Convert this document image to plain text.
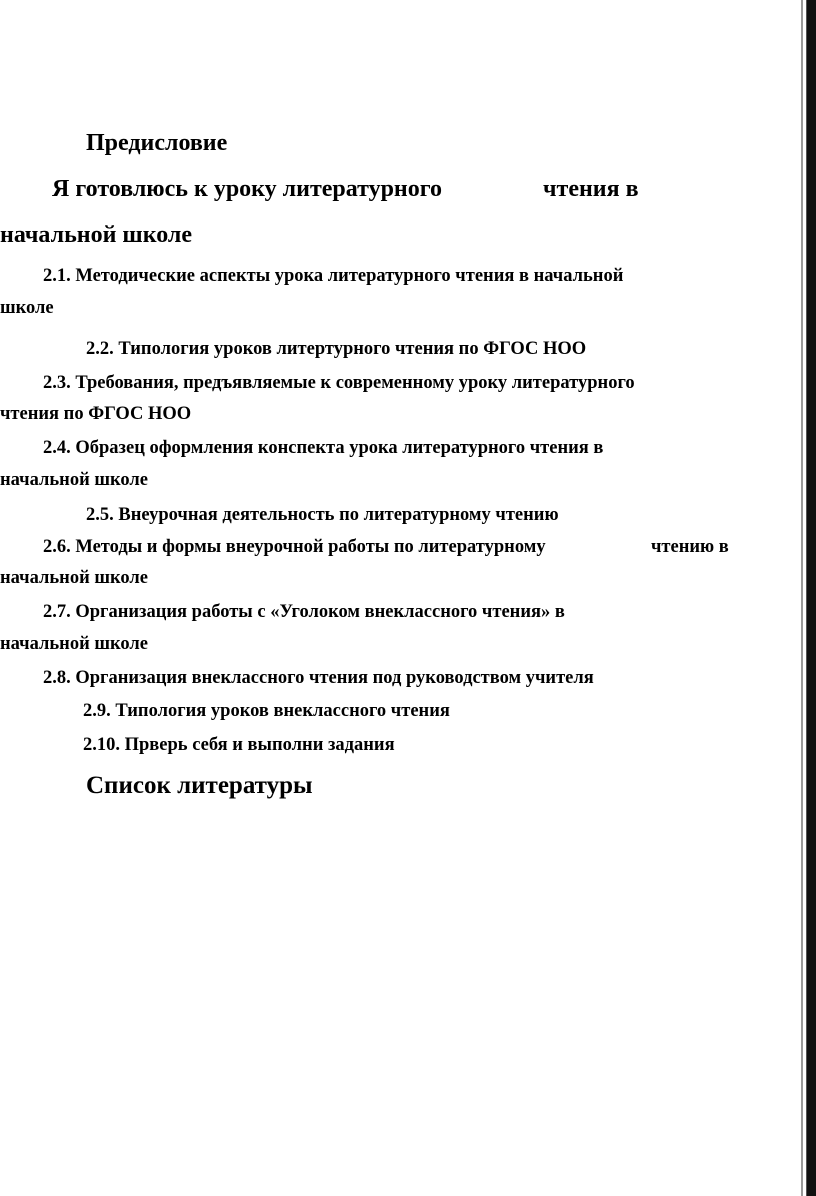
Предисловие

Я готовлюсь к уроку литературного	чтения в

начальной школе

2.1. Методические аспекты урока литературного чтения в начальной

школе

2.2. Типология уроков литертурного чтения по ФГОС НОО

2.3. Требования, предъявляемые к современному уроку литературного

чтения по ФГОС НОО

2.4. Образец оформления конспекта урока литературного чтения в

начальной школе

2.5. Внеурочная деятельность по литературному чтению

2.6. Методы и формы внеурочной работы по литературному	чтению в

начальной школе

2.7. Организация работы с «Уголоком внеклассного чтения» в

начальной школе

2.8. Организация внеклассного чтения под руководством учителя

2.9. Типология уроков внеклассного чтения

2.10. Прверь себя и выполни задания

Список литературы
